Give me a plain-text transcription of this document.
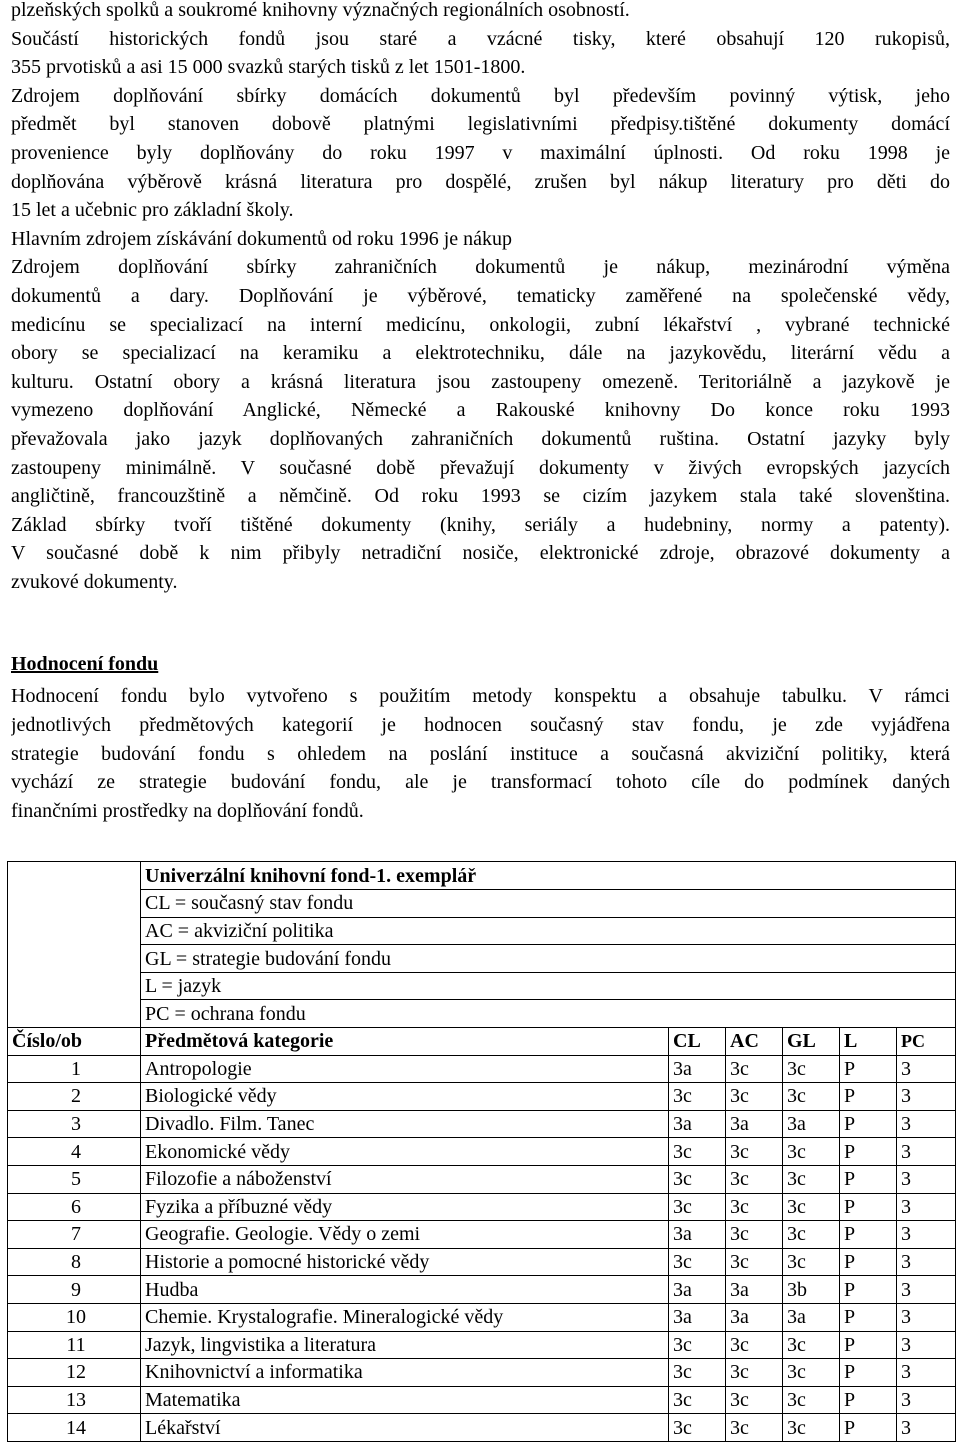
plzeňských spolků a soukromé knihovny význačných regionálních osobností.
Součástí historických fondů jsou staré a vzácné tisky, které obsahují 120 rukopisů,
355 prvotisků a asi 15 000 svazků starých tisků z let 1501-1800.
Zdrojem doplňování sbírky domácích dokumentů byl především povinný výtisk, jeho
předmět byl stanoven dobově platnými legislativními předpisy.tištěné dokumenty domácí
provenience byly doplňovány do roku 1997 v maximální úplnosti. Od roku 1998 je
doplňována výběrově krásná literatura pro dospělé, zrušen byl nákup literatury pro děti do
15 let a učebnic pro základní školy.
Hlavním zdrojem získávání dokumentů od roku 1996 je nákup
Zdrojem doplňování sbírky zahraničních dokumentů je nákup, mezinárodní výměna
dokumentů a dary. Doplňování je výběrové, tematicky zaměřené na společenské vědy,
medicínu se specializací na interní medicínu, onkologii, zubní lékařství , vybrané technické
obory se specializací na keramiku a elektrotechniku, dále na jazykovědu, literární vědu a
kulturu. Ostatní obory a krásná literatura jsou zastoupeny omezeně. Teritoriálně a jazykově je
vymezeno doplňování Anglické, Německé a Rakouské knihovny Do konce roku 1993
převažovala jako jazyk doplňovaných zahraničních dokumentů ruština. Ostatní jazyky byly
zastoupeny minimálně. V současné době převažují dokumenty v živých evropských jazycích
angličtině, francouzštině a němčině. Od roku 1993 se cizím jazykem stala také slovenština.
Základ sbírky tvoří tištěné dokumenty (knihy, seriály a hudebniny, normy a patenty).
V současné době k nim přibyly netradiční nosiče, elektronické zdroje, obrazové dokumenty a
zvukové dokumenty.
Hodnocení fondu
Hodnocení fondu bylo vytvořeno s použitím metody konspektu a obsahuje tabulku. V rámci
jednotlivých předmětových kategorií je hodnocen současný stav fondu, je zde vyjádřena
strategie budování fondu s ohledem na poslání instituce a současná akviziční politiky, která
vychází ze strategie budování fondu, ale je transformací tohoto cíle do podmínek daných
finančními prostředky na doplňování fondů.
	Univerzální knihovní fond-1. exemplář					
	CL = současný stav fondu					
	AC = akviziční politika					
	GL = strategie budování fondu					
	L = jazyk					
	PC = ochrana fondu					
Číslo/ob	Předmětová kategorie	CL	AC	GL	L	PC
1	Antropologie	3a	3c	3c	P	3
2	Biologické vědy	3c	3c	3c	P	3
3	Divadlo. Film. Tanec	3a	3a	3a	P	3
4	Ekonomické vědy	3c	3c	3c	P	3
5	Filozofie a náboženství	3c	3c	3c	P	3
6	Fyzika a příbuzné vědy	3c	3c	3c	P	3
7	Geografie. Geologie. Vědy o zemi	3a	3c	3c	P	3
8	Historie a pomocné historické vědy	3c	3c	3c	P	3
9	Hudba	3a	3a	3b	P	3
10	Chemie. Krystalografie. Mineralogické vědy	3a	3a	3a	P	3
11	Jazyk, lingvistika a literatura	3c	3c	3c	P	3
12	Knihovnictví a informatika	3c	3c	3c	P	3
13	Matematika	3c	3c	3c	P	3
14	Lékařství	3c	3c	3c	P	3
